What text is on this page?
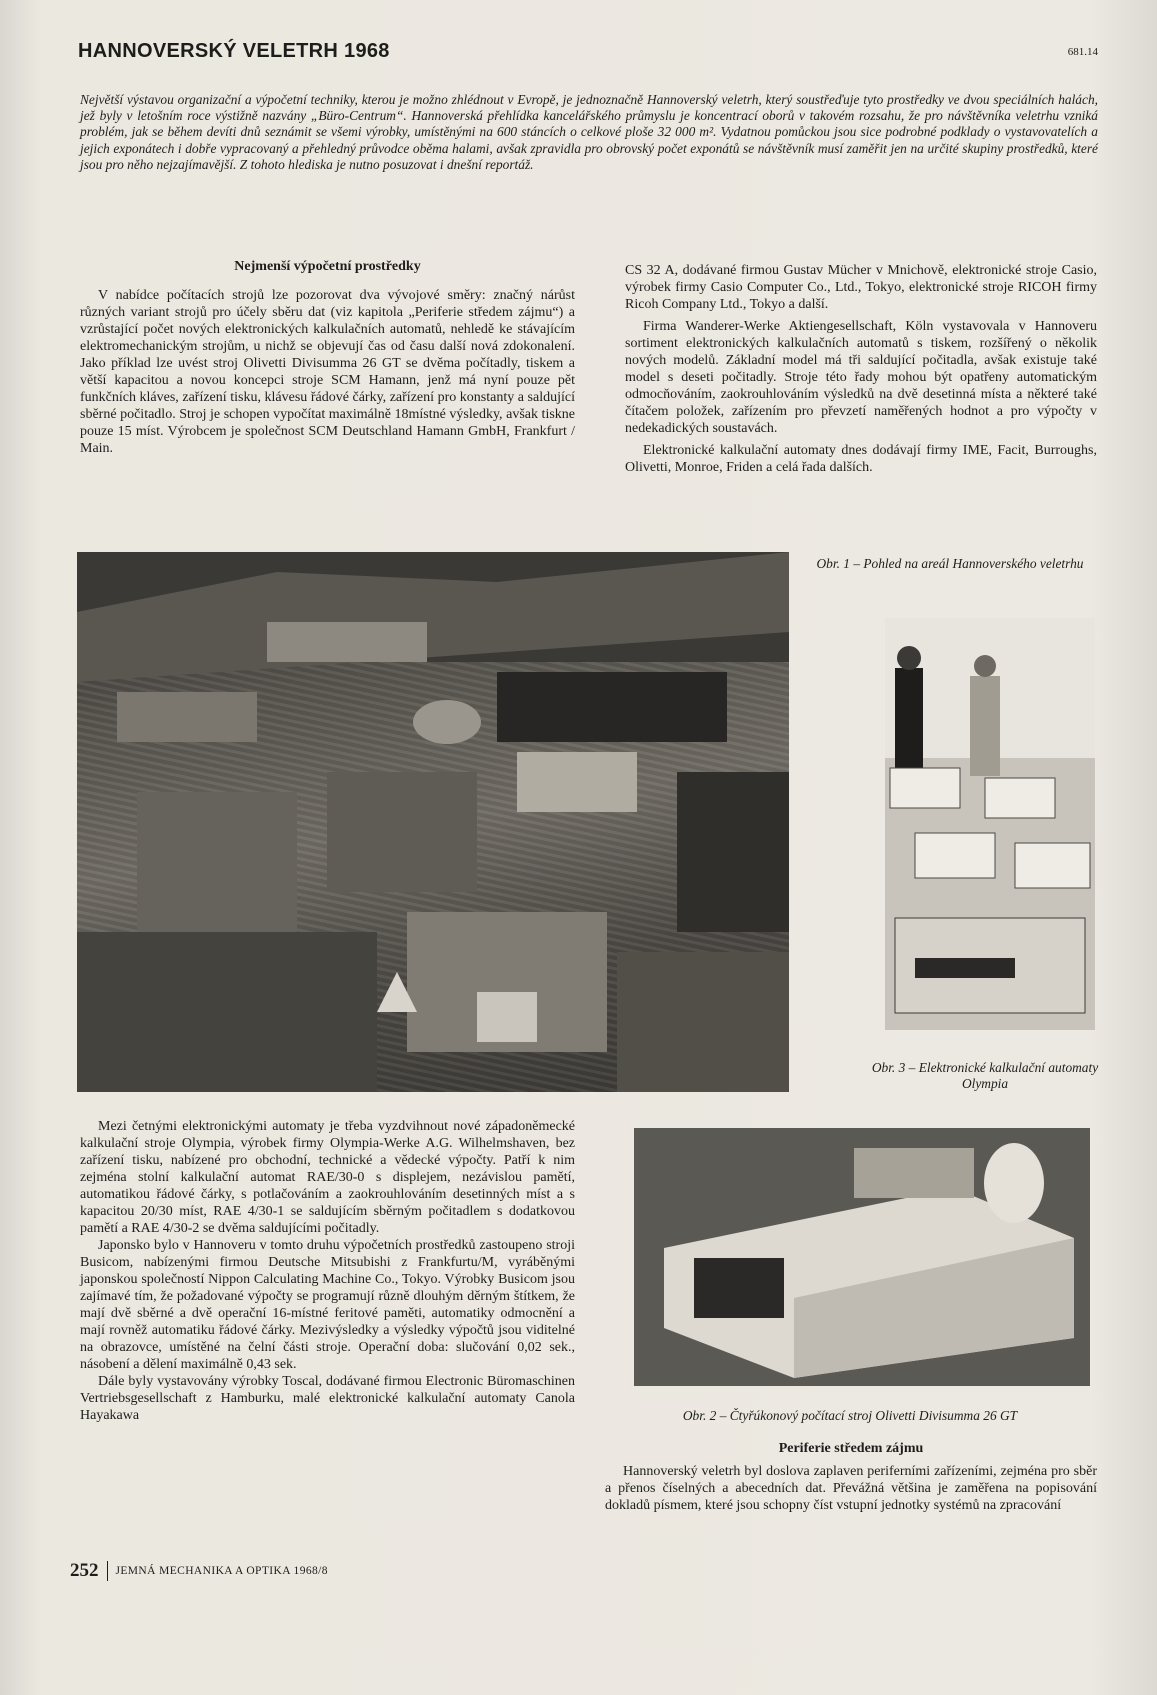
HANNOVERSKÝ VELETRH 1968	681.14
Největší výstavou organizační a výpočetní techniky, kterou je možno zhlédnout v Evropě, je jednoznačně Hannoverský veletrh, který soustřeďuje tyto prostředky ve dvou speciálních halách, jež byly v letošním roce výstižně nazvány „Büro-Centrum“. Hannoverská přehlídka kancelářského průmyslu je koncentrací oborů v takovém rozsahu, že pro návštěvníka veletrhu vzniká problém, jak se během devíti dnů seznámit se všemi výrobky, umístěnými na 600 stáncích o celkové ploše 32 000 m². Vydatnou pomůckou jsou sice podrobné podklady o vystavovatelích a jejich exponátech i dobře vypracovaný a přehledný průvodce oběma halami, avšak zpravidla pro obrovský počet exponátů se návštěvník musí zaměřit jen na určité skupiny prostředků, které jsou pro něho nejzajímavější. Z tohoto hlediska je nutno posuzovat i dnešní reportáž.
Nejmenší výpočetní prostředky

V nabídce počítacích strojů lze pozorovat dva vývojové směry: značný nárůst různých variant strojů pro účely sběru dat (viz kapitola „Periferie středem zájmu“) a vzrůstající počet nových elektronických kalkulačních automatů, nehledě ke stávajícím elektromechanickým strojům, u nichž se objevují čas od času další nová zdokonalení. Jako příklad lze uvést stroj Olivetti Divisumma 26 GT se dvěma počítadly, tiskem a větší kapacitou a novou koncepci stroje SCM Hamann, jenž má nyní pouze pět funkčních kláves, zařízení tisku, klávesu řádové čárky, zařízení pro konstanty a saldující sběrné počitadlo. Stroj je schopen vypočítat maximálně 18místné výsledky, avšak tiskne pouze 15 míst. Výrobcem je společnost SCM Deutschland Hamann GmbH, Frankfurt / Main.

CS 32 A, dodávané firmou Gustav Mücher v Mnichově, elektronické stroje Casio, výrobek firmy Casio Computer Co., Ltd., Tokyo, elektronické stroje RICOH firmy Ricoh Company Ltd., Tokyo a další.

Firma Wanderer-Werke Aktiengesellschaft, Köln vystavovala v Hannoveru sortiment elektronických kalkulačních automatů s tiskem, rozšířený o několik nových modelů. Základní model má tři saldující počitadla, avšak existuje také model s deseti počitadly. Stroje této řady mohou být opatřeny automatickým odmocňováním, zaokrouhlováním výsledků na dvě desetinná místa a některé také čítačem položek, zařízením pro převzetí naměřených hodnot a pro výpočty v nedekadických soustavách.

Elektronické kalkulační automaty dnes dodávají firmy IME, Facit, Burroughs, Olivetti, Monroe, Friden a celá řada dalších.

Obr. 1 – Pohled na areál Hannoverského veletrhu
Obr. 3 – Elektronické kalkulační automaty Olympia

Mezi četnými elektronickými automaty je třeba vyzdvihnout nové západoněmecké kalkulační stroje Olympia, výrobek firmy Olympia-Werke A.G. Wilhelmshaven, bez zařízení tisku, nabízené pro obchodní, technické a vědecké výpočty. Patří k nim zejména stolní kalkulační automat RAE/30-0 s displejem, nezávislou pamětí, automatikou řádové čárky, s potlačováním a zaokrouhlováním desetinných míst a s kapacitou 20/30 míst, RAE 4/30-1 se saldujícím sběrným počitadlem s dodatkovou pamětí a RAE 4/30-2 se dvěma saldujícími počitadly.

Japonsko bylo v Hannoveru v tomto druhu výpočetních prostředků zastoupeno stroji Busicom, nabízenými firmou Deutsche Mitsubishi z Frankfurtu/M, vyráběnými japonskou společností Nippon Calculating Machine Co., Tokyo. Výrobky Busicom jsou zajímavé tím, že požadované výpočty se programují různě dlouhým děrným štítkem, že mají dvě sběrné a dvě operační 16-místné feritové paměti, automatiky odmocnění a mají rovněž automatiku řádové čárky. Mezivýsledky a výsledky výpočtů jsou viditelné na obrazovce, umístěné na čelní části stroje. Operační doba: slučování 0,02 sek., násobení a dělení maximálně 0,43 sek.

Dále byly vystavovány výrobky Toscal, dodávané firmou Electronic Büromaschinen Vertriebsgesellschaft z Hamburku, malé elektronické kalkulační automaty Canola Hayakawa	Obr. 2 – Čtyřúkonový počítací stroj Olivetti Divisumma 26 GT
Periferie středem zájmu

Hannoverský veletrh byl doslova zaplaven periferními zařízeními, zejména pro sběr a přenos číselných a abecedních dat. Převážná většina je zaměřena na popisování dokladů písmem, které jsou schopny číst vstupní jednotky systémů na zpracování

252 JEMNÁ MECHANIKA A OPTIKA 1968/8
